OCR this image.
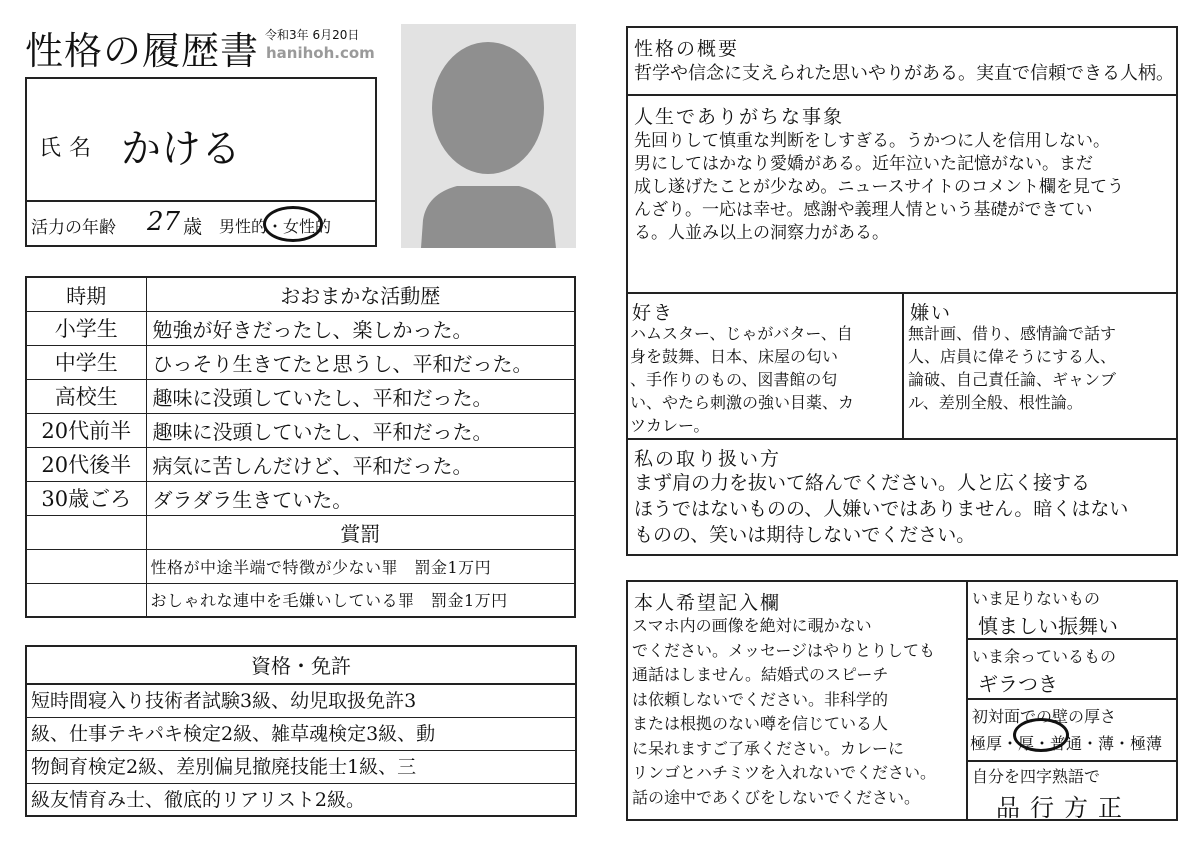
性格の履歴書 令和3年 6月20日
hanihoh.com
氏名 かける
活力の年齢 27 歳 男性的・女性的
時期	おおまかな活動歴
小学生	勉強が好きだったし、楽しかった。
中学生	ひっそり生きてたと思うし、平和だった。
高校生	趣味に没頭していたし、平和だった。
20代前半	趣味に没頭していたし、平和だった。
20代後半	病気に苦しんだけど、平和だった。
30歳ごろ	ダラダラ生きていた。
	賞罰
	性格が中途半端で特徴が少ない罪　罰金1万円
	おしゃれな連中を毛嫌いしている罪　罰金1万円
資格・免許
短時間寝入り技術者試験3級、幼児取扱免許3
級、仕事テキパキ検定2級、雑草魂検定3級、動
物飼育検定2級、差別偏見撤廃技能士1級、三
級友情育み士、徹底的リアリスト2級。
性格の概要
哲学や信念に支えられた思いやりがある。実直で信頼できる人柄。
人生でありがちな事象
先回りして慎重な判断をしすぎる。うかつに人を信用しない。
男にしてはかなり愛嬌がある。近年泣いた記憶がない。まだ
成し遂げたことが少なめ。ニュースサイトのコメント欄を見てう
んざり。一応は幸せ。感謝や義理人情という基礎ができてい
る。人並み以上の洞察力がある。
好き
ハムスター、じゃがバター、自
身を鼓舞、日本、床屋の匂い
、手作りのもの、図書館の匂
い、やたら刺激の強い目薬、カ
ツカレー。
嫌い
無計画、借り、感情論で話す
人、店員に偉そうにする人、
論破、自己責任論、ギャンブ
ル、差別全般、根性論。
私の取り扱い方
まず肩の力を抜いて絡んでください。人と広く接する
ほうではないものの、人嫌いではありません。暗くはない
ものの、笑いは期待しないでください。
本人希望記入欄
スマホ内の画像を絶対に覗かない
でください。メッセージはやりとりしても
通話はしません。結婚式のスピーチ
は依頼しないでください。非科学的
または根拠のない噂を信じている人
に呆れますご了承ください。カレーに
リンゴとハチミツを入れないでください。
話の途中であくびをしないでください。
いま足りないもの
慎ましい振舞い
いま余っているもの
ギラつき
初対面での壁の厚さ
極厚・厚・普通・薄・極薄
自分を四字熟語で
品行方正
